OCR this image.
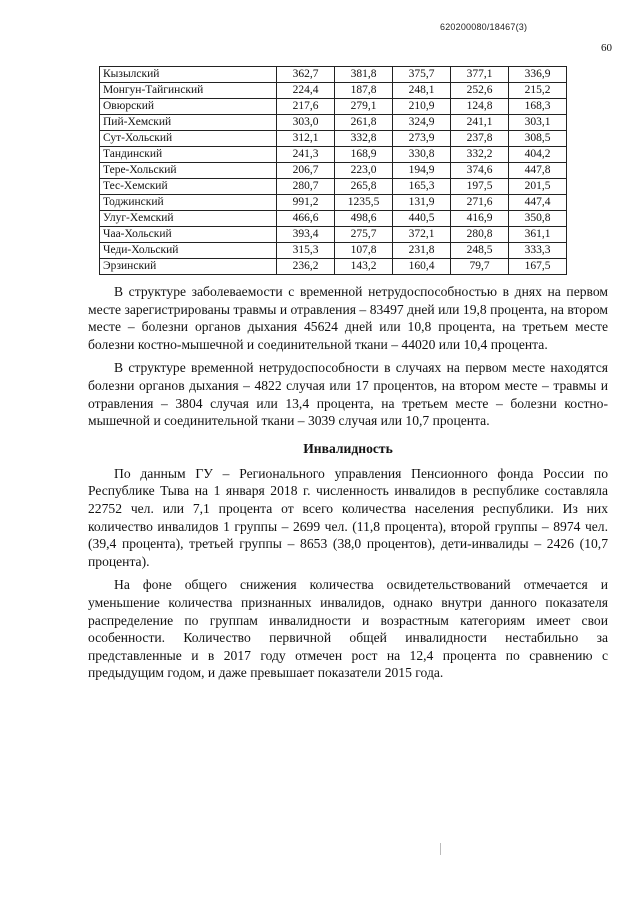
620200080/18467(3)
60
Кызылский	362,7	381,8	375,7	377,1	336,9
Монгун-Тайгинский	224,4	187,8	248,1	252,6	215,2
Овюрский	217,6	279,1	210,9	124,8	168,3
Пий-Хемский	303,0	261,8	324,9	241,1	303,1
Сут-Хольский	312,1	332,8	273,9	237,8	308,5
Тандинский	241,3	168,9	330,8	332,2	404,2
Тере-Хольский	206,7	223,0	194,9	374,6	447,8
Тес-Хемский	280,7	265,8	165,3	197,5	201,5
Тоджинский	991,2	1235,5	131,9	271,6	447,4
Улуг-Хемский	466,6	498,6	440,5	416,9	350,8
Чаа-Хольский	393,4	275,7	372,1	280,8	361,1
Чеди-Хольский	315,3	107,8	231,8	248,5	333,3
Эрзинский	236,2	143,2	160,4	79,7	167,5

В структуре заболеваемости с временной нетрудоспособностью в днях на первом месте зарегистрированы травмы и отравления – 83497 дней или 19,8 процента, на втором месте – болезни органов дыхания 45624 дней или 10,8 процента, на третьем месте болезни костно-мышечной и соединительной ткани – 44020 или 10,4 процента.

В структуре временной нетрудоспособности в случаях на первом месте находятся болезни органов дыхания – 4822 случая или 17 процентов, на втором месте – травмы и отравления – 3804 случая или 13,4 процента, на третьем месте – болезни костно-мышечной и соединительной ткани – 3039 случая или 10,7 процента.

Инвалидность

По данным ГУ – Регионального управления Пенсионного фонда России по Республике Тыва на 1 января 2018 г. численность инвалидов в республике составляла 22752 чел. или 7,1 процента от всего количества населения республики. Из них количество инвалидов 1 группы – 2699 чел. (11,8 процента), второй группы – 8974 чел. (39,4 процента), третьей группы – 8653 (38,0 процентов), дети-инвалиды – 2426 (10,7 процента).

На фоне общего снижения количества освидетельствований отмечается и уменьшение количества признанных инвалидов, однако внутри данного показателя распределение по группам инвалидности и возрастным категориям имеет свои особенности. Количество первичной общей инвалидности нестабильно за представленные и в 2017 году отмечен рост на 12,4 процента по сравнению с предыдущим годом, и даже превышает показатели 2015 года.
